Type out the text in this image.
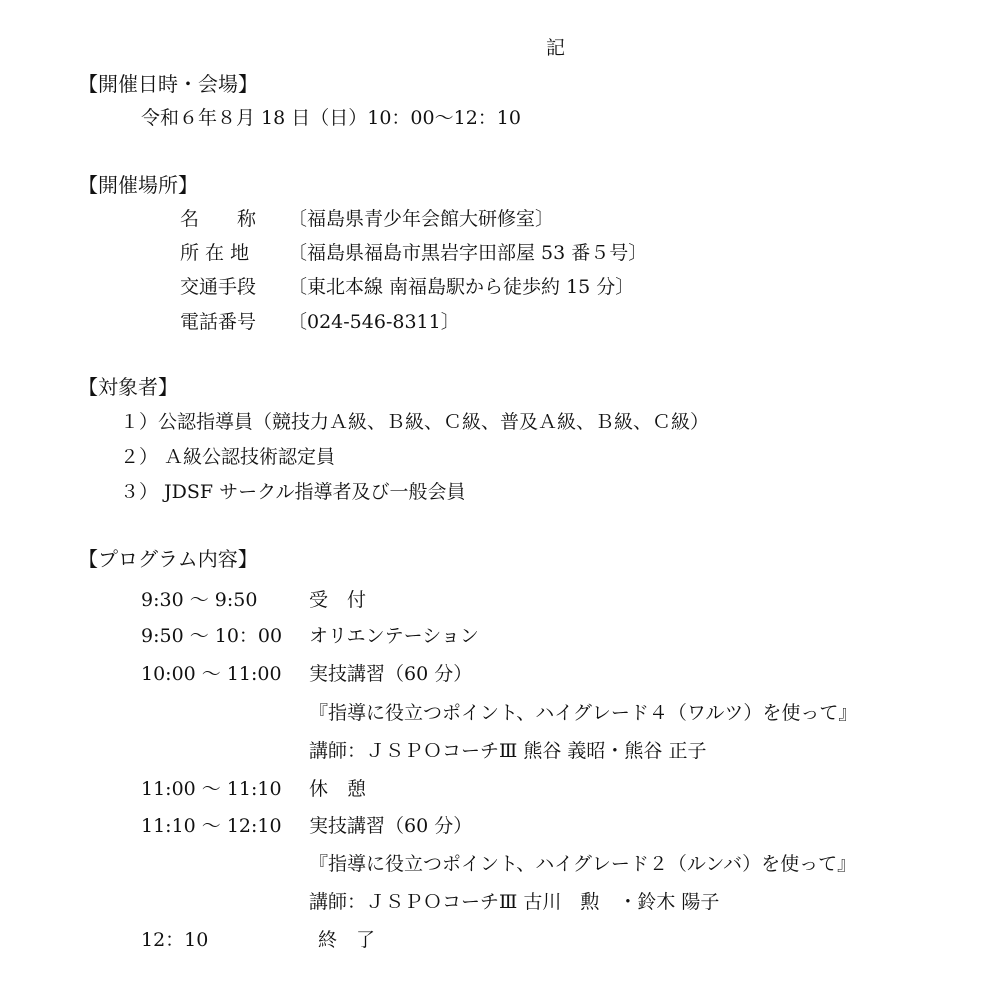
記
【開催日時・会場】
令和６年８月 18 日（日）10：00～12：10
【開催場所】
名　　称 〔福島県青少年会館大研修室〕
所 在 地 〔福島県福島市黒岩字田部屋 53 番５号〕
交通手段 〔東北本線 南福島駅から徒歩約 15 分〕
電話番号 〔024-546-8311〕
【対象者】
１）公認指導員（競技力Ａ級、Ｂ級、Ｃ級、普及Ａ級、Ｂ級、Ｃ級）
２） Ａ級公認技術認定員
３） JDSF サークル指導者及び一般会員
【プログラム内容】
9:30 ～ 9:50	受　付
9:50 ～ 10：00 オリエンテーション
10:00 ～ 11:00 実技講習（60 分）
『指導に役立つポイント、ハイグレード４（ワルツ）を使って』
講師：ＪＳＰＯコーチⅢ 熊谷 義昭・熊谷 正子
11:00 ～ 11:10 休　憩
11:10 ～ 12:10 実技講習（60 分）
『指導に役立つポイント、ハイグレード２（ルンバ）を使って』
講師：ＪＳＰＯコーチⅢ 古川　勲　・鈴木 陽子
12：10	終　了
